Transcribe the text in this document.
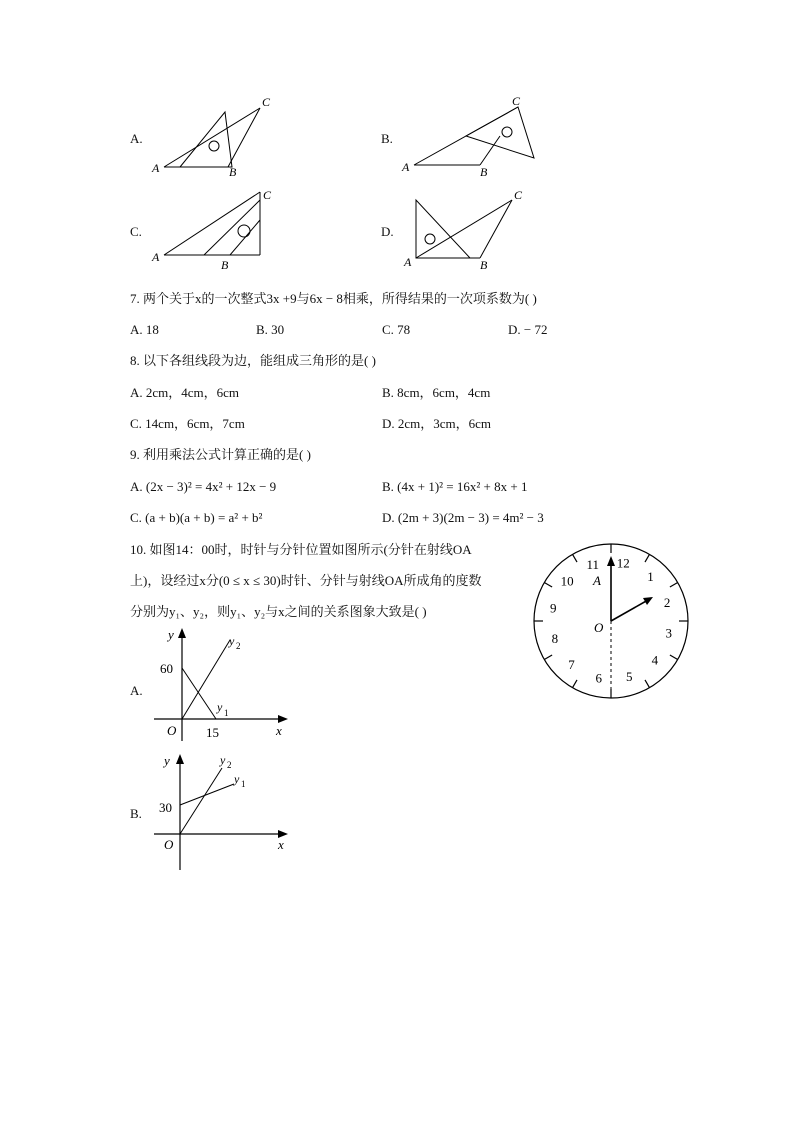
A.
A	B
C
B.
A	B
C
C.
A
B
C
D.
A	B
C
7. 两个关于x的一次整式3x +9与6x − 8相乘，所得结果的一次项系数为( )
A. 18	B. 30	C. 78	D. − 72
8. 以下各组线段为边，能组成三角形的是( )
A. 2cm，4cm，6cm	B. 8cm，6cm，4cm
C. 14cm，6cm，7cm	D. 2cm，3cm，6cm
9. 利用乘法公式计算正确的是( )
A. (2x − 3)² = 4x² + 12x − 9	B. (4x + 1)² = 16x² + 8x + 1
C. (a + b)(a + b) = a² + b²	D. (2m + 3)(2m − 3) = 4m² − 3
10. 如图14：00时，时针与分针位置如图所示(分针在射线OA
上)，设经过x分(0 ≤ x ≤ 30)时针、分针与射线OA所成角的度数
分别为y₁、y₂，则y₁、y₂与x之间的关系图象大致是( )
12
1
2
3
4
5
6
7
8
9
10
11
A
O
A.
y
x
O
60
15
y 2
y 1
B.
y
x
O
30
y 2
y 1
